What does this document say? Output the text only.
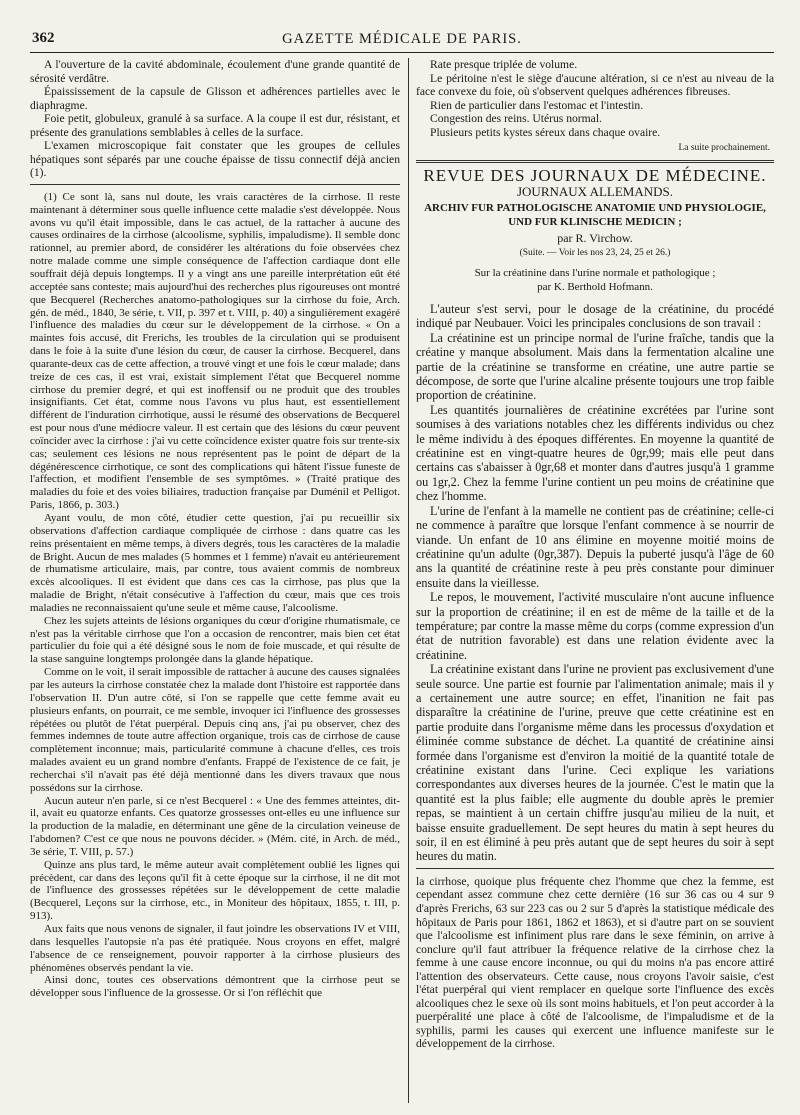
362	GAZETTE MÉDICALE DE PARIS.

A l'ouverture de la cavité abdominale, écoulement d'une grande quantité de sérosité verdâtre.

Épaississement de la capsule de Glisson et adhérences partielles avec le diaphragme.

Foie petit, globuleux, granulé à sa surface. A la coupe il est dur, résistant, et présente des granulations semblables à celles de la surface.

L'examen microscopique fait constater que les groupes de cellules hépatiques sont séparés par une couche épaisse de tissu connectif déjà ancien (1).

(1) Ce sont là, sans nul doute, les vrais caractères de la cirrhose. Il reste maintenant à déterminer sous quelle influence cette maladie s'est développée. Nous avons vu qu'il était impossible, dans le cas actuel, de la rattacher à aucune des causes ordinaires de la cirrhose (alcoolisme, syphilis, impaludisme). Il semble donc rationnel, au premier abord, de considérer les altérations du foie observées chez notre malade comme une simple conséquence de l'affection cardiaque dont elle souffrait déjà depuis longtemps. Il y a vingt ans une pareille interprétation eût été acceptée sans conteste; mais aujourd'hui des recherches plus rigoureuses ont montré que Becquerel (Recherches anatomo-pathologiques sur la cirrhose du foie, Arch. gén. de méd., 1840, 3e série, t. VII, p. 397 et t. VIII, p. 40) a singulièrement exagéré l'influence des maladies du cœur sur le développement de la cirrhose. « On a maintes fois accusé, dit Frerichs, les troubles de la circulation qui se produisent dans le foie à la suite d'une lésion du cœur, de causer la cirrhose. Becquerel, dans quarante-deux cas de cette affection, a trouvé vingt et une fois le cœur malade; dans treize de ces cas, il est vrai, existait simplement l'état que Becquerel nomme cirrhose du premier degré, et qui est inoffensif ou ne produit que des troubles insignifiants. Cet état, comme nous l'avons vu plus haut, est essentiellement différent de l'induration cirrhotique, aussi le résumé des observations de Becquerel est pour nous d'une médiocre valeur. Il est certain que des lésions du cœur peuvent coïncider avec la cirrhose : j'ai vu cette coïncidence exister quatre fois sur trente-six cas; seulement ces lésions ne nous représentent pas le point de départ de la dégénérescence cirrhotique, ce sont des complications qui hâtent l'issue funeste de l'affection, et modifient l'ensemble de ses symptômes. » (Traité pratique des maladies du foie et des voies biliaires, traduction française par Duménil et Pelligot. Paris, 1866, p. 303.)

Ayant voulu, de mon côté, étudier cette question, j'ai pu recueillir six observations d'affection cardiaque compliquée de cirrhose : dans quatre cas les reins présentaient en même temps, à divers degrés, tous les caractères de la maladie de Bright. Aucun de mes malades (5 hommes et 1 femme) n'avait eu antérieurement de rhumatisme articulaire, mais, par contre, tous avaient commis de nombreux excès alcooliques. Il est évident que dans ces cas la cirrhose, pas plus que la maladie de Bright, n'était consécutive à l'affection du cœur, mais que ces trois maladies ne reconnaissaient qu'une seule et même cause, l'alcoolisme.

Chez les sujets atteints de lésions organiques du cœur d'origine rhumatismale, ce n'est pas la véritable cirrhose que l'on a occasion de rencontrer, mais bien cet état particulier du foie qui a été désigné sous le nom de foie muscade, et qui résulte de la stase sanguine longtemps prolongée dans la glande hépatique.

Comme on le voit, il serait impossible de rattacher à aucune des causes signalées par les auteurs la cirrhose constatée chez la malade dont l'histoire est rapportée dans l'observation II. D'un autre côté, si l'on se rappelle que cette femme avait eu plusieurs enfants, on pourrait, ce me semble, invoquer ici l'influence des grossesses répétées ou plutôt de l'état puerpéral. Depuis cinq ans, j'ai pu observer, chez des femmes indemnes de toute autre affection organique, trois cas de cirrhose de cause complètement inconnue; mais, particularité commune à chacune d'elles, ces trois malades avaient eu un grand nombre d'enfants. Frappé de l'existence de ce fait, je recherchai s'il n'avait pas été déjà mentionné dans les divers travaux que nous possédons sur la cirrhose.

Aucun auteur n'en parle, si ce n'est Becquerel : « Une des femmes atteintes, dit-il, avait eu quatorze enfants. Ces quatorze grossesses ont-elles eu une influence sur la production de la maladie, en déterminant une gêne de la circulation veineuse de l'abdomen? C'est ce que nous ne pouvons décider. » (Mém. cité, in Arch. de méd., 3e série, T. VIII, p. 57.)

Quinze ans plus tard, le même auteur avait complètement oublié les lignes qui précèdent, car dans des leçons qu'il fit à cette époque sur la cirrhose, il ne dit mot de l'influence des grossesses répétées sur le développement de cette maladie (Becquerel, Leçons sur la cirrhose, etc., in Moniteur des hôpitaux, 1855, t. III, p. 913).

Aux faits que nous venons de signaler, il faut joindre les observations IV et VIII, dans lesquelles l'autopsie n'a pas été pratiquée. Nous croyons en effet, malgré l'absence de ce renseignement, pouvoir rapporter à la cirrhose plusieurs des phénomènes observés pendant la vie.

Ainsi donc, toutes ces observations démontrent que la cirrhose peut se développer sous l'influence de la grossesse. Or si l'on réfléchit que

Rate presque triplée de volume.

Le péritoine n'est le siège d'aucune altération, si ce n'est au niveau de la face convexe du foie, où s'observent quelques adhérences fibreuses.

Rien de particulier dans l'estomac et l'intestin.

Congestion des reins. Utérus normal.

Plusieurs petits kystes séreux dans chaque ovaire.

La suite prochainement.

REVUE DES JOURNAUX DE MÉDECINE.
JOURNAUX ALLEMANDS.
ARCHIV FUR PATHOLOGISCHE ANATOMIE UND PHYSIOLOGIE,
UND FUR KLINISCHE MEDICIN ;
par R. Virchow.
(Suite. — Voir les nos 23, 24, 25 et 26.)
Sur la créatinine dans l'urine normale et pathologique ;
par K. Berthold Hofmann.

L'auteur s'est servi, pour le dosage de la créatinine, du procédé indiqué par Neubauer. Voici les principales conclusions de son travail :

La créatinine est un principe normal de l'urine fraîche, tandis que la créatine y manque absolument. Mais dans la fermentation alcaline une partie de la créatinine se transforme en créatine, une autre partie se décompose, de sorte que l'urine alcaline présente toujours une trop faible proportion de créatinine.

Les quantités journalières de créatinine excrétées par l'urine sont soumises à des variations notables chez les différents individus ou chez le même individu à des époques différentes. En moyenne la quantité de créatinine est en vingt-quatre heures de 0gr,99; mais elle peut dans certains cas s'abaisser à 0gr,68 et monter dans d'autres jusqu'à 1 gramme ou 1gr,2. Chez la femme l'urine contient un peu moins de créatinine que chez l'homme.

L'urine de l'enfant à la mamelle ne contient pas de créatinine; celle-ci ne commence à paraître que lorsque l'enfant commence à se nourrir de viande. Un enfant de 10 ans élimine en moyenne moitié moins de créatinine qu'un adulte (0gr,387). Depuis la puberté jusqu'à l'âge de 60 ans la quantité de créatinine reste à peu près constante pour diminuer ensuite dans la vieillesse.

Le repos, le mouvement, l'activité musculaire n'ont aucune influence sur la proportion de créatinine; il en est de même de la taille et de la température; par contre la masse même du corps (comme expression d'un état de nutrition favorable) est dans une relation évidente avec la créatinine.

La créatinine existant dans l'urine ne provient pas exclusivement d'une seule source. Une partie est fournie par l'alimentation animale; mais il y a certainement une autre source; en effet, l'inanition ne fait pas disparaître la créatinine de l'urine, preuve que cette créatinine est en partie produite dans l'organisme même dans les processus d'oxydation et éliminée comme substance de déchet. La quantité de créatinine ainsi formée dans l'organisme est d'environ la moitié de la quantité totale de créatinine existant dans l'urine. Ceci explique les variations correspondantes aux diverses heures de la journée. C'est le matin que la quantité est la plus faible; elle augmente du double après le premier repas, se maintient à un certain chiffre jusqu'au milieu de la nuit, et baisse ensuite graduellement. De sept heures du matin à sept heures du soir, il en est éliminé à peu près autant que de sept heures du soir à sept heures du matin.

la cirrhose, quoique plus fréquente chez l'homme que chez la femme, est cependant assez commune chez cette dernière (16 sur 36 cas ou 4 sur 9 d'après Frerichs, 63 sur 223 cas ou 2 sur 5 d'après la statistique médicale des hôpitaux de Paris pour 1861, 1862 et 1863), et si d'autre part on se souvient que l'alcoolisme est infiniment plus rare dans le sexe féminin, on arrive à conclure qu'il faut attribuer la fréquence relative de la cirrhose chez la femme à une cause encore inconnue, ou qui du moins n'a pas encore attiré l'attention des observateurs. Cette cause, nous croyons l'avoir saisie, c'est l'état puerpéral qui vient remplacer en quelque sorte l'influence des excès alcooliques chez le sexe où ils sont moins habituels, et l'on peut accorder à la puerpéralité une place à côté de l'alcoolisme, de l'impaludisme et de la syphilis, parmi les causes qui exercent une influence manifeste sur le développement de la cirrhose.
